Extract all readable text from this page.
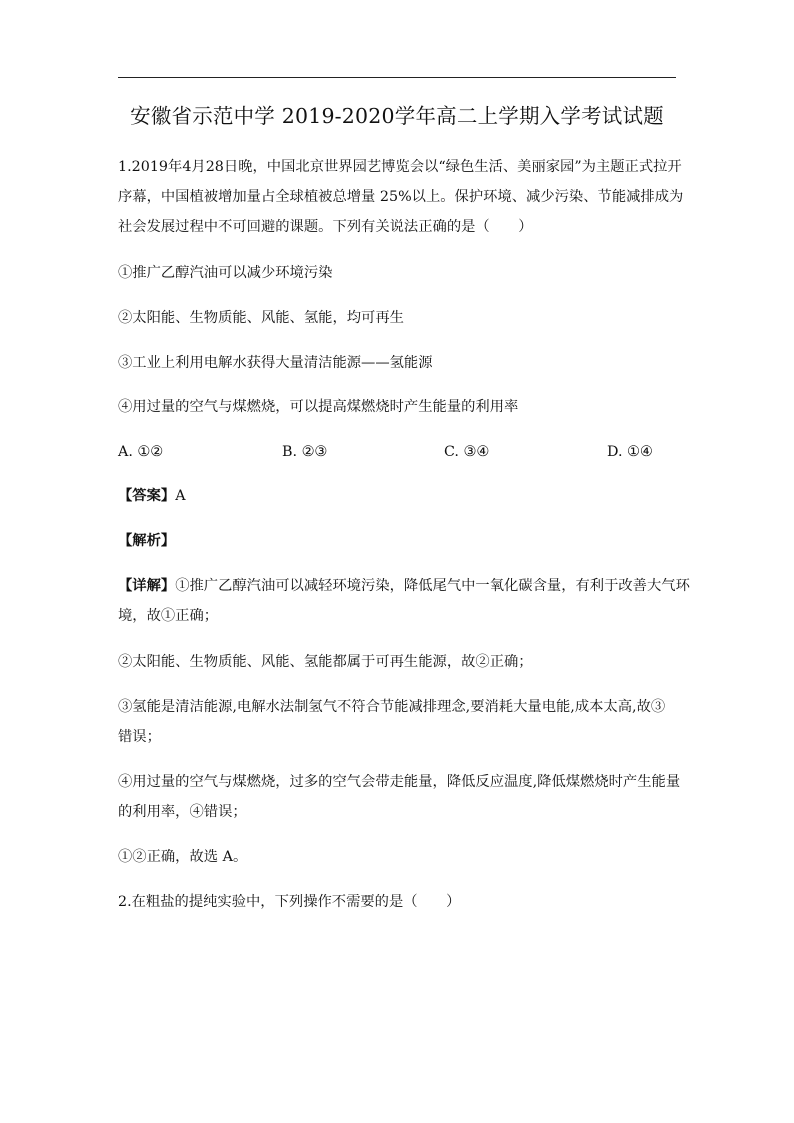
安徽省示范中学 2019-2020学年高二上学期入学考试试题
1.2019年4月28日晚，中国北京世界园艺博览会以“绿色生活、美丽家园”为主题正式拉开
序幕，中国植被增加量占全球植被总增量 25%以上。保护环境、减少污染、节能减排成为
社会发展过程中不可回避的课题。下列有关说法正确的是（　　）
①推广乙醇汽油可以减少环境污染
②太阳能、生物质能、风能、氢能，均可再生
③工业上利用电解水获得大量清洁能源——氢能源
④用过量的空气与煤燃烧，可以提高煤燃烧时产生能量的利用率
A. ①②	B. ②③	C. ③④	D. ①④
【答案】A
【解析】
【详解】①推广乙醇汽油可以减轻环境污染，降低尾气中一氧化碳含量，有利于改善大气环
境，故①正确；
②太阳能、生物质能、风能、氢能都属于可再生能源，故②正确；
③氢能是清洁能源,电解水法制氢气不符合节能减排理念,要消耗大量电能,成本太高,故③
错误；
④用过量的空气与煤燃烧，过多的空气会带走能量，降低反应温度,降低煤燃烧时产生能量
的利用率，④错误；
①②正确，故选 A。
2.在粗盐的提纯实验中，下列操作不需要的是（　　）
